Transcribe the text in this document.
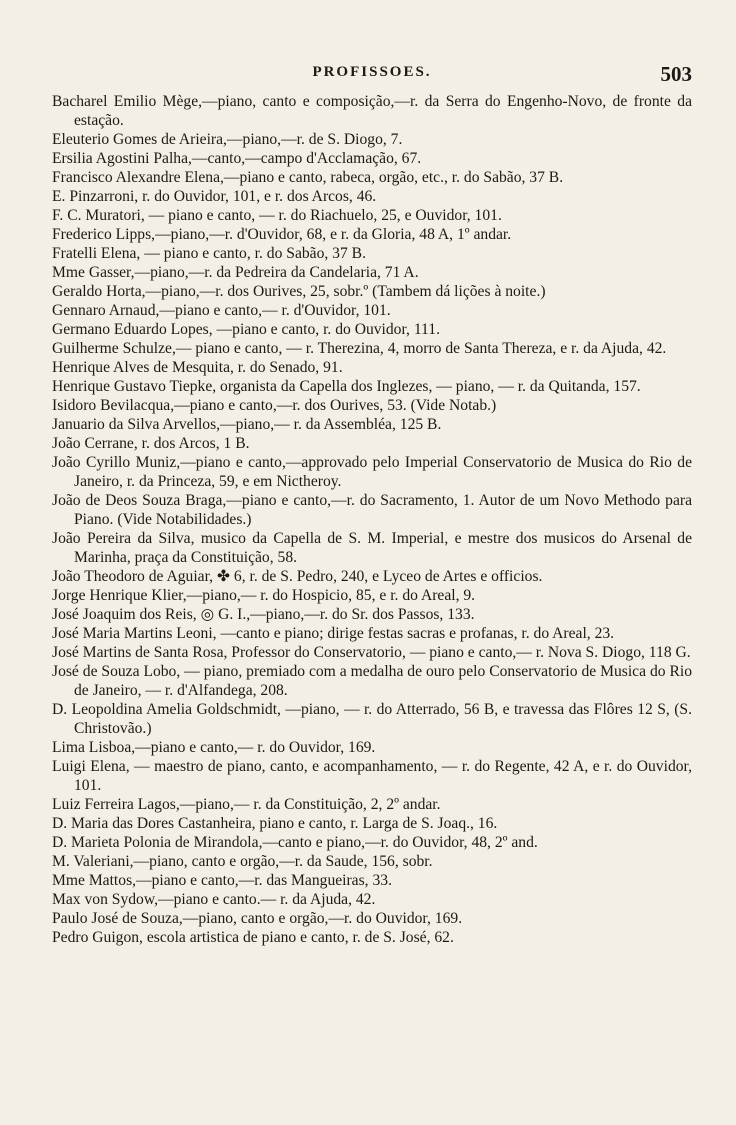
PROFISSOES.	503
Bacharel Emilio Mège,—piano, canto e composição,—r. da Serra do Engenho-Novo, de fronte da estação.
Eleuterio Gomes de Arieira,—piano,—r. de S. Diogo, 7.
Ersilia Agostini Palha,—canto,—campo d'Acclamação, 67.
Francisco Alexandre Elena,—piano e canto, rabeca, orgão, etc., r. do Sabão, 37 B.
E. Pinzarroni, r. do Ouvidor, 101, e r. dos Arcos, 46.
F. C. Muratori, — piano e canto, — r. do Riachuelo, 25, e Ouvidor, 101.
Frederico Lipps,—piano,—r. d'Ouvidor, 68, e r. da Gloria, 48 A, 1º andar.
Fratelli Elena, — piano e canto, r. do Sabão, 37 B.
Mme Gasser,—piano,—r. da Pedreira da Candelaria, 71 A.
Geraldo Horta,—piano,—r. dos Ourives, 25, sobr.º (Tambem dá lições à noite.)
Gennaro Arnaud,—piano e canto,— r. d'Ouvidor, 101.
Germano Eduardo Lopes, —piano e canto, r. do Ouvidor, 111.
Guilherme Schulze,— piano e canto, — r. Therezina, 4, morro de Santa Thereza, e r. da Ajuda, 42.
Henrique Alves de Mesquita, r. do Senado, 91.
Henrique Gustavo Tiepke, organista da Capella dos Inglezes, — piano, — r. da Quitanda, 157.
Isidoro Bevilacqua,—piano e canto,—r. dos Ourives, 53. (Vide Notab.)
Januario da Silva Arvellos,—piano,— r. da Assembléa, 125 B.
João Cerrane, r. dos Arcos, 1 B.
João Cyrillo Muniz,—piano e canto,—approvado pelo Imperial Conservatorio de Musica do Rio de Janeiro, r. da Princeza, 59, e em Nictheroy.
João de Deos Souza Braga,—piano e canto,—r. do Sacramento, 1. Autor de um Novo Methodo para Piano. (Vide Notabilidades.)
João Pereira da Silva, musico da Capella de S. M. Imperial, e mestre dos musicos do Arsenal de Marinha, praça da Constituição, 58.
João Theodoro de Aguiar, ✤ 6, r. de S. Pedro, 240, e Lyceo de Artes e officios.
Jorge Henrique Klier,—piano,— r. do Hospicio, 85, e r. do Areal, 9.
José Joaquim dos Reis, ◎ G. I.,—piano,—r. do Sr. dos Passos, 133.
José Maria Martins Leoni, —canto e piano; dirige festas sacras e profanas, r. do Areal, 23.
José Martins de Santa Rosa, Professor do Conservatorio, — piano e canto,— r. Nova S. Diogo, 118 G.
José de Souza Lobo, — piano, premiado com a medalha de ouro pelo Conservatorio de Musica do Rio de Janeiro, — r. d'Alfandega, 208.
D. Leopoldina Amelia Goldschmidt, —piano, — r. do Atterrado, 56 B, e travessa das Flôres 12 S, (S. Christovão.)
Lima Lisboa,—piano e canto,— r. do Ouvidor, 169.
Luigi Elena, — maestro de piano, canto, e acompanhamento, — r. do Regente, 42 A, e r. do Ouvidor, 101.
Luiz Ferreira Lagos,—piano,— r. da Constituição, 2, 2º andar.
D. Maria das Dores Castanheira, piano e canto, r. Larga de S. Joaq., 16.
D. Marieta Polonia de Mirandola,—canto e piano,—r. do Ouvidor, 48, 2º and.
M. Valeriani,—piano, canto e orgão,—r. da Saude, 156, sobr.
Mme Mattos,—piano e canto,—r. das Mangueiras, 33.
Max von Sydow,—piano e canto.— r. da Ajuda, 42.
Paulo José de Souza,—piano, canto e orgão,—r. do Ouvidor, 169.
Pedro Guigon, escola artistica de piano e canto, r. de S. José, 62.
